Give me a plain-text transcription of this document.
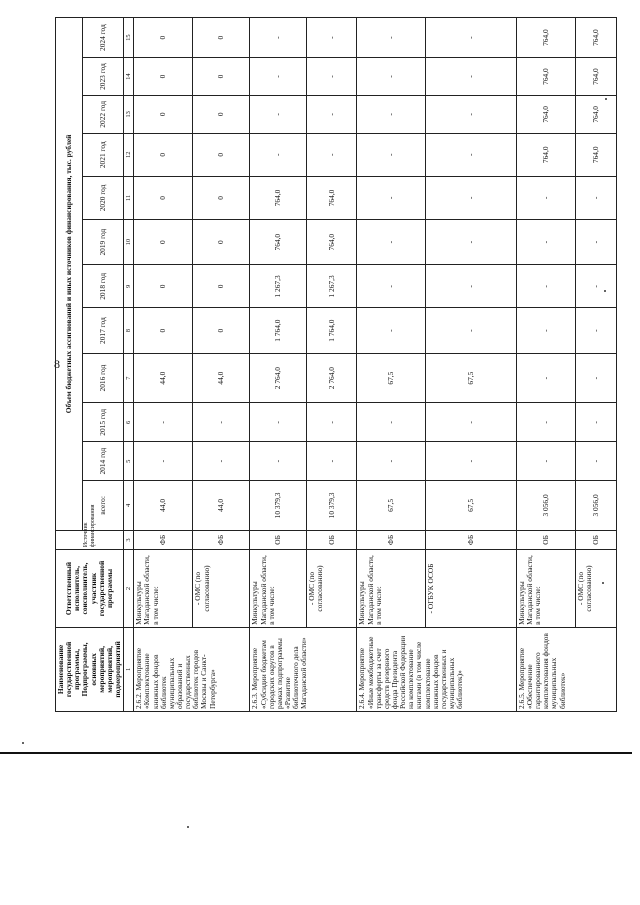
8
Наименование государственной программы, Подпрограммы, основных мероприятий, мероприятий, подмероприятий	Ответственный исполнитель, соисполнитель, участник государственной программы	Источник финансирования	Объем бюджетных ассигнований и иных источников финансирования, тыс. рублей											
			всего:	2014 год	2015 год	2016 год	2017 год	2018 год	2019 год	2020 год	2021 год	2022 год	2023 год	2024 год
1	2	3	4	5	6	7	8	9	10	11	12	13	14	15
2.6.2. Мероприятие «Комплектование книжных фондов библиотек муниципальных образований и государственных библиотек городов Москвы и Санкт-Петербурга»	Минкультуры Магаданской области, в том числе:	ФБ	44,0	-	-	44,0	0	0	0	0	0	0	0	0
	- ОМС (по согласованию)	ФБ	44,0	-	-	44,0	0	0	0	0	0	0	0	0
2.6.3. Мероприятие «Субсидии бюджетам городских округов в рамках подпрограммы «Развитие библиотечного дела Магаданской области»	Минкультуры Магаданской области, в том числе:	ОБ	10 379,3	-	-	2 764,0	1 764,0	1 267,3	764,0	764,0	-	-	-	-
	- ОМС (по согласованию)	ОБ	10 379,3	-	-	2 764,0	1 764,0	1 267,3	764,0	764,0	-	-	-	-
2.6.4. Мероприятие «Иные межбюджетные трансферты за счет средств резервного фонда Президента Российской Федерации на комплектование книгами (в том числе комплектование книжных фондов государственных и муниципальных библиотек)»	Минкультуры Магаданской области, в том числе:	ФБ	67,5	-	-	67,5	-	-	-	-	-	-	-	-
	- ОГБУК ОСОБ	ФБ	67,5	-	-	67,5	-	-	-	-	-	-	-	-
2.6.5. Мероприятие «Обеспечение гарантированного комплектования фондов муниципальных библиотек»	Минкультуры Магаданской области, в том числе:	ОБ	3 056,0	-	-	-	-	-	-	-	764,0	764,0	764,0	764,0
	- ОМС (по согласованию)	ОБ	3 056,0	-	-	-	-	-	-	-	764,0	764,0	764,0	764,0
